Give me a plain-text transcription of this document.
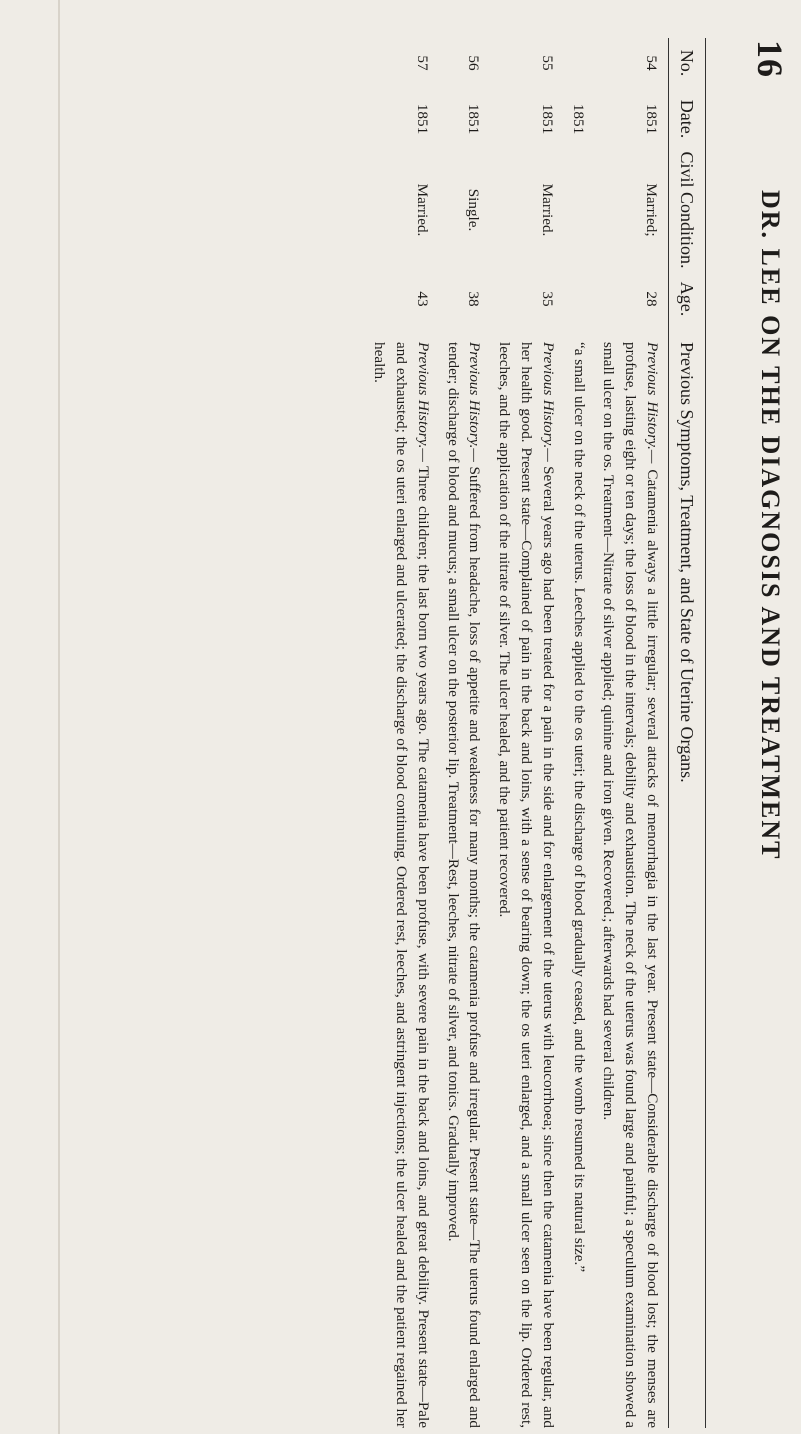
16
DR. LEE ON THE DIAGNOSIS AND TREATMENT
No.
Date.
Civil Condition.
Age.
Previous Symptoms, Treatment, and State of Uterine Organs.
54
1851
Married;
28
Previous History.— Catamenia always a little irregular; several attacks of menorrhagia in the last year. Present state—Considerable discharge of blood lost; the menses are profuse, lasting eight or ten days; the loss of blood in the intervals; debility and exhaustion. The neck of the uterus was found large and painful; a speculum examination showed a small ulcer on the os. Treatment—Nitrate of silver applied; quinine and iron given. Recovered.; afterwards had several children.
1851
“a small ulcer on the neck of the uterus. Leeches applied to the os uteri; the discharge of blood gradually ceased, and the womb resumed its natural size.”
55
1851
Married.
35
Previous History.— Several years ago had been treated for a pain in the side and for enlargement of the uterus with leucorrhoea; since then the catamenia have been regular, and her health good. Present state—Complained of pain in the back and loins, with a sense of bearing down; the os uteri enlarged, and a small ulcer seen on the lip. Ordered rest, leeches, and the application of the nitrate of silver. The ulcer healed, and the patient recovered.
56
1851
Single.
38
Previous History.— Suffered from headache, loss of appetite and weakness for many months; the catamenia profuse and irregular. Present state—The uterus found enlarged and tender; discharge of blood and mucus; a small ulcer on the posterior lip. Treatment—Rest, leeches, nitrate of silver, and tonics. Gradually improved.
57
1851
Married.
43
Previous History.— Three children; the last born two years ago. The catamenia have been profuse, with severe pain in the back and loins, and great debility. Present state—Pale and exhausted; the os uteri enlarged and ulcerated; the discharge of blood continuing. Ordered rest, leeches, and astringent injections; the ulcer healed and the patient regained her health.
